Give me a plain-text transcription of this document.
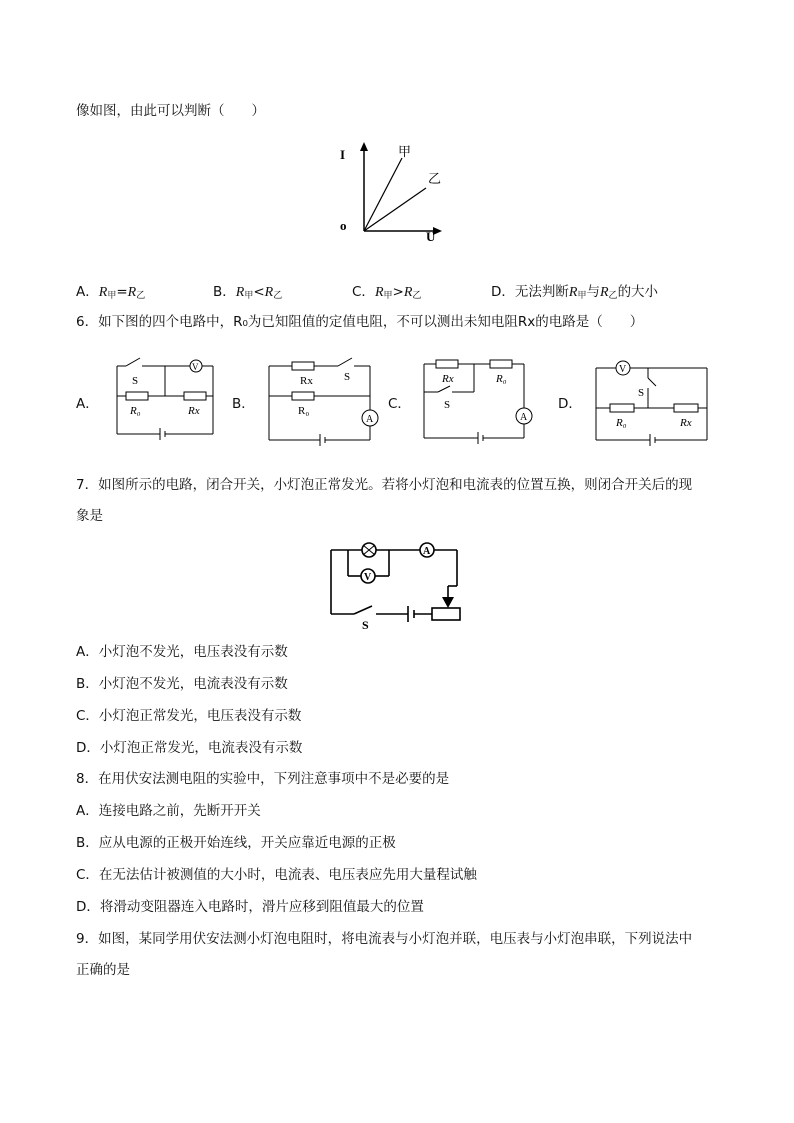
像如图，由此可以判断（　　）
I
o
U
甲
乙
A．$R_甲=R_乙$	B．$R_甲<R_乙$	C．$R_甲>R_乙$	D．无法判断$R_甲$与$R_乙$的大小
6．如下图的四个电路中，R₀为已知阻值的定值电阻，不可以测出未知电阻Rx的电路是（　　）
A．	B．	C．	D．
S
V
R₀	Rx
Rx	S
R₀
A
Rx	R₀
S
A
V
S
R₀	Rx
7．如图所示的电路，闭合开关，小灯泡正常发光。若将小灯泡和电流表的位置互换，则闭合开关后的现
象是
A
V
S
A．小灯泡不发光，电压表没有示数
B．小灯泡不发光，电流表没有示数
C．小灯泡正常发光，电压表没有示数
D．小灯泡正常发光，电流表没有示数
8．在用伏安法测电阻的实验中，下列注意事项中不是必要的是
A．连接电路之前，先断开开关
B．应从电源的正极开始连线，开关应靠近电源的正极
C．在无法估计被测值的大小时，电流表、电压表应先用大量程试触
D．将滑动变阻器连入电路时，滑片应移到阻值最大的位置
9．如图，某同学用伏安法测小灯泡电阻时，将电流表与小灯泡并联，电压表与小灯泡串联，下列说法中
正确的是
